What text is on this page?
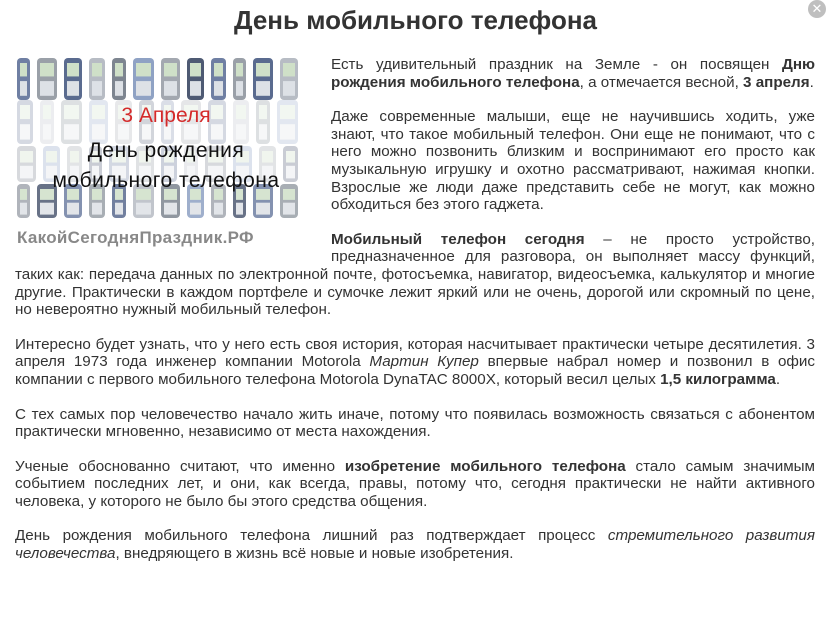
День мобильного телефона	✕
3 Апреля
День рождения
мобильного телефона
КакойСегодняПраздник.РФ

Есть удивительный праздник на Земле - он посвящен Дню рождения мобильного телефона, а отмечается весной, 3 апреля.

Даже современные малыши, еще не научившись ходить, уже знают, что такое мобильный телефон. Они еще не понимают, что с него можно позвонить близким и воспринимают его просто как музыкальную игрушку и охотно рассматривают, нажимая кнопки. Взрослые же люди даже представить себе не могут, как можно обходиться без этого гаджета.

Мобильный телефон сегодня – не просто устройство, предназначенное для разговора, он выполняет массу функций, таких как: передача данных по электронной почте, фотосъемка, навигатор, видеосъемка, калькулятор и многие другие. Практически в каждом портфеле и сумочке лежит яркий или не очень, дорогой или скромный по цене, но невероятно нужный мобильный телефон.

Интересно будет узнать, что у него есть своя история, которая насчитывает практически четыре десятилетия. 3 апреля 1973 года инженер компании Motorola Мартин Купер впервые набрал номер и позвонил в офис компании с первого мобильного телефона Motorola DynaTAC 8000X, который весил целых 1,5 килограмма.

С тех самых пор человечество начало жить иначе, потому что появилась возможность связаться с абонентом практически мгновенно, независимо от места нахождения.

Ученые обоснованно считают, что именно изобретение мобильного телефона стало самым значимым событием последних лет, и они, как всегда, правы, потому что, сегодня практически не найти активного человека, у которого не было бы этого средства общения.

День рождения мобильного телефона лишний раз подтверждает процесс стремительного развития человечества, внедряющего в жизнь всё новые и новые изобретения.
